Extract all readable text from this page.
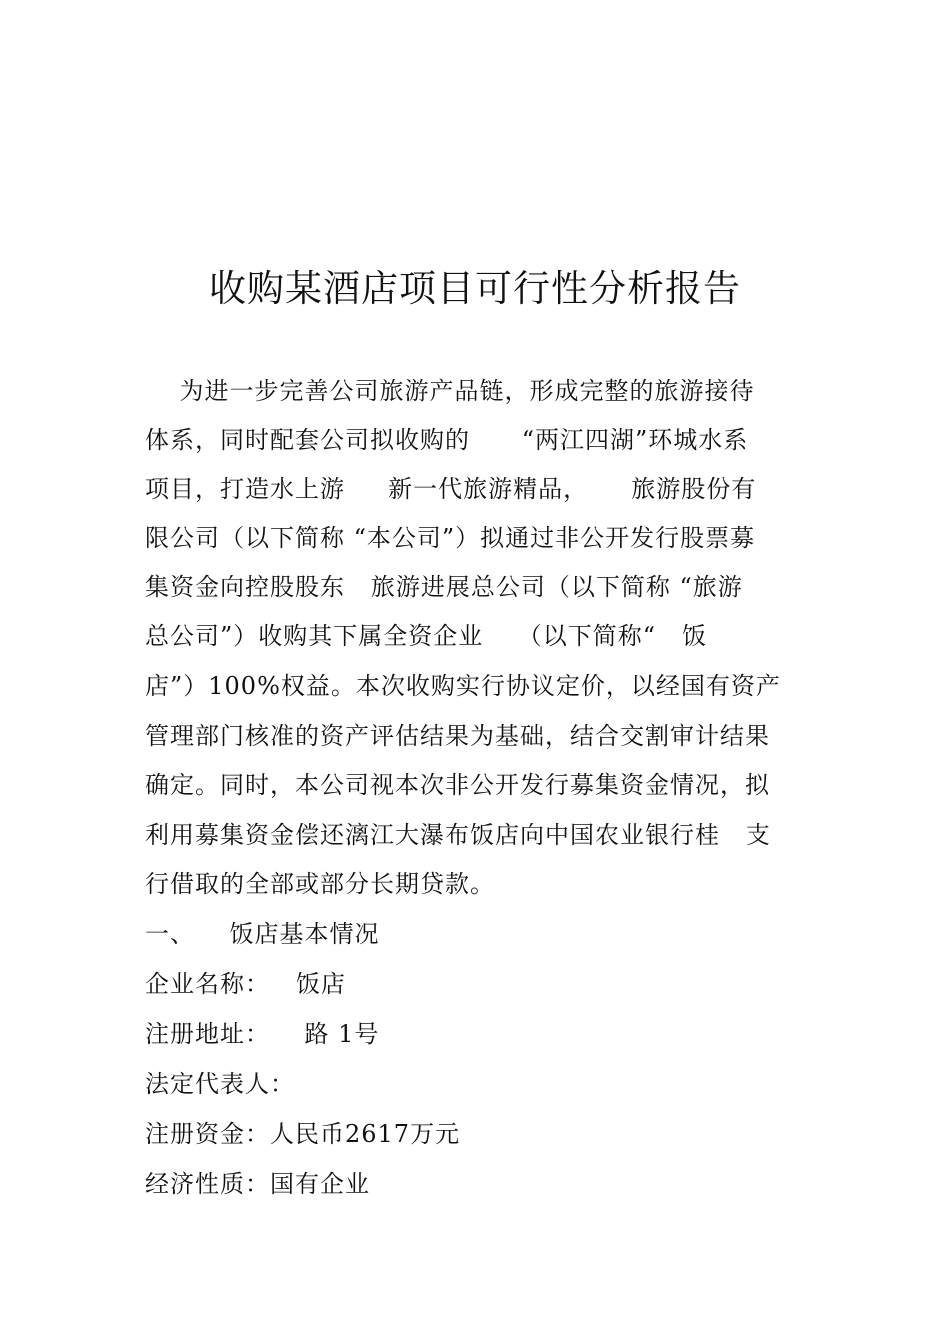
收购某酒店项目可行性分析报告
为进一步完善公司旅游产品链，形成完整的旅游接待
体系，同时配套公司拟收购的      “两江四湖”环城水系
项目，打造水上游     新一代旅游精品，     旅游股份有
限公司（以下简称 “本公司”）拟通过非公开发行股票募
集资金向控股股东   旅游进展总公司（以下简称 “旅游
总公司”）收购其下属全资企业    （以下简称“   饭
店”）100%权益。本次收购实行协议定价，以经国有资产
管理部门核准的资产评估结果为基础，结合交割审计结果
确定。同时，本公司视本次非公开发行募集资金情况，拟
利用募集资金偿还漓江大瀑布饭店向中国农业银行桂   支
行借取的全部或部分长期贷款。
一、    饭店基本情况
企业名称：   饭店
注册地址：    路 1号
法定代表人：
注册资金：人民币2617万元
经济性质：国有企业
